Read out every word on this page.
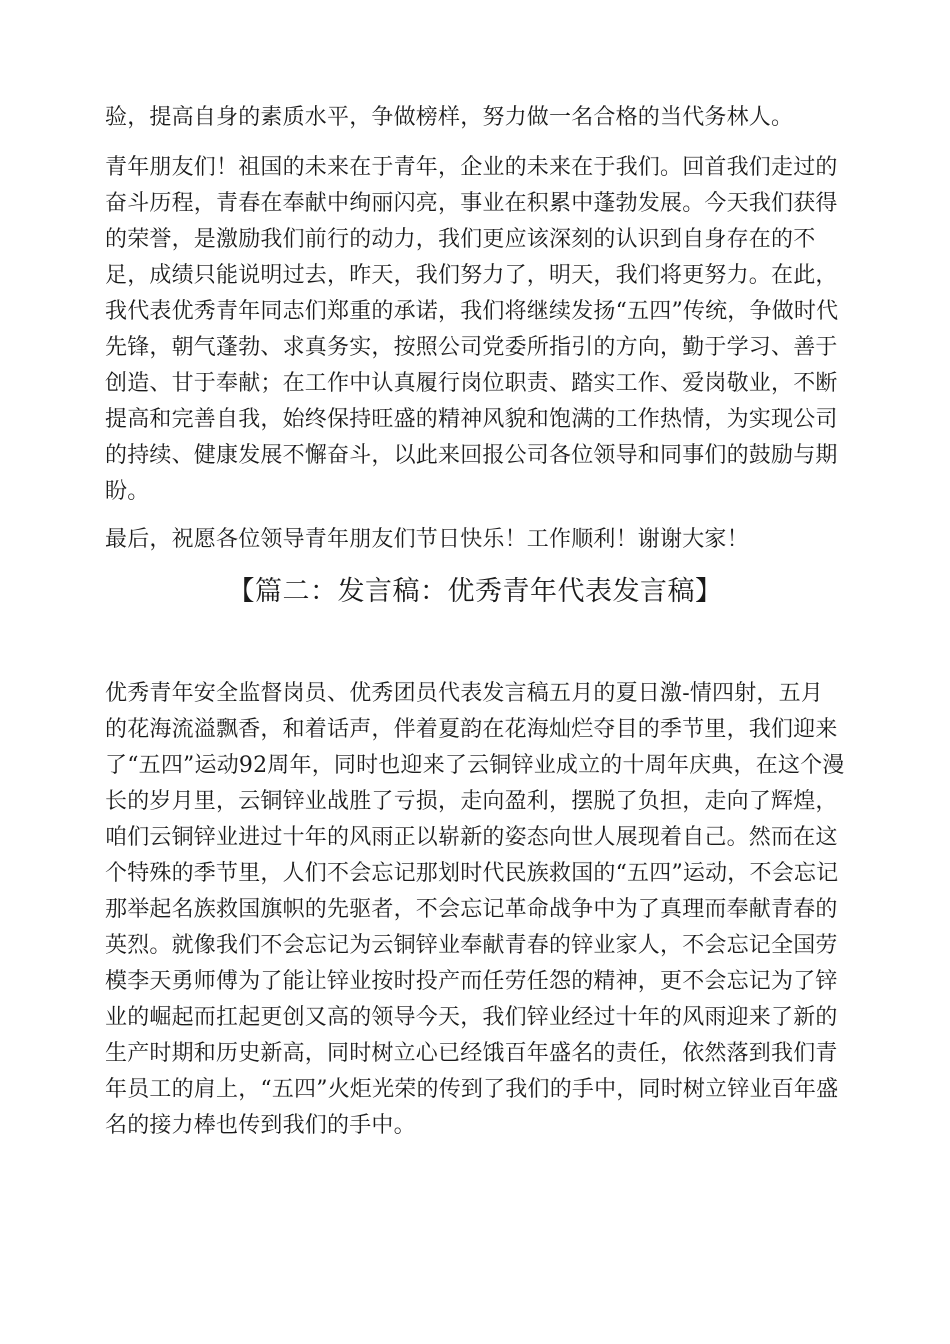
验，提高自身的素质水平，争做榜样，努力做一名合格的当代务林人。

青年朋友们！祖国的未来在于青年，企业的未来在于我们。回首我们走过的奋斗历程，青春在奉献中绚丽闪亮，事业在积累中蓬勃发展。今天我们获得的荣誉，是激励我们前行的动力，我们更应该深刻的认识到自身存在的不足，成绩只能说明过去，昨天，我们努力了，明天，我们将更努力。在此，我代表优秀青年同志们郑重的承诺，我们将继续发扬“五四”传统，争做时代先锋，朝气蓬勃、求真务实，按照公司党委所指引的方向，勤于学习、善于创造、甘于奉献；在工作中认真履行岗位职责、踏实工作、爱岗敬业，不断提高和完善自我，始终保持旺盛的精神风貌和饱满的工作热情，为实现公司的持续、健康发展不懈奋斗，以此来回报公司各位领导和同事们的鼓励与期盼。

最后，祝愿各位领导青年朋友们节日快乐！工作顺利！谢谢大家！

【篇二：发言稿：优秀青年代表发言稿】

优秀青年安全监督岗员、优秀团员代表发言稿五月的夏日激-情四射，五月的花海流溢飘香，和着话声，伴着夏韵在花海灿烂夺目的季节里，我们迎来了“五四”运动92周年，同时也迎来了云铜锌业成立的十周年庆典，在这个漫长的岁月里，云铜锌业战胜了亏损，走向盈利，摆脱了负担，走向了辉煌，咱们云铜锌业进过十年的风雨正以崭新的姿态向世人展现着自己。然而在这个特殊的季节里，人们不会忘记那划时代民族救国的“五四”运动，不会忘记那举起名族救国旗帜的先驱者，不会忘记革命战争中为了真理而奉献青春的英烈。就像我们不会忘记为云铜锌业奉献青春的锌业家人，不会忘记全国劳模李天勇师傅为了能让锌业按时投产而任劳任怨的精神，更不会忘记为了锌业的崛起而扛起更创又高的领导今天，我们锌业经过十年的风雨迎来了新的生产时期和历史新高，同时树立心已经饿百年盛名的责任，依然落到我们青年员工的肩上，“五四”火炬光荣的传到了我们的手中，同时树立锌业百年盛名的接力棒也传到我们的手中。
